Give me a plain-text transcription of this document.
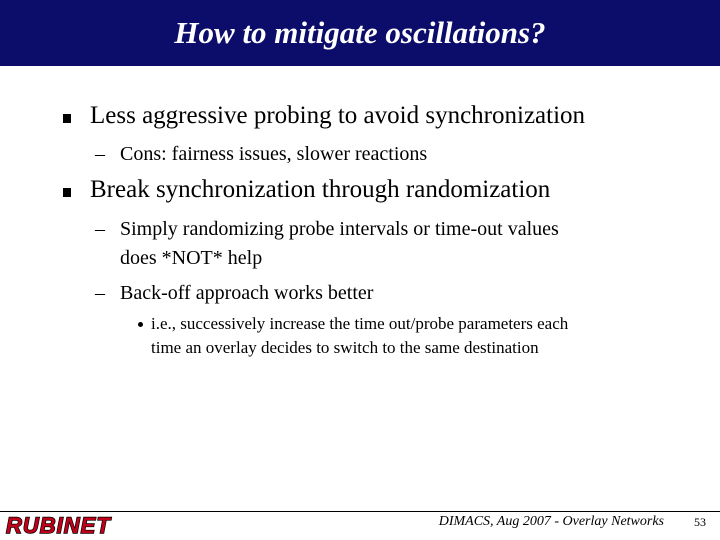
How to mitigate oscillations?
Less aggressive probing to avoid synchronization
– Cons: fairness issues, slower reactions
Break synchronization through randomization
– Simply randomizing probe intervals or time-out values
does *NOT* help
– Back-off approach works better
i.e., successively increase the time out/probe parameters each
time an overlay decides to switch to the same destination
RUBINET	DIMACS, Aug 2007 - Overlay Networks	53
